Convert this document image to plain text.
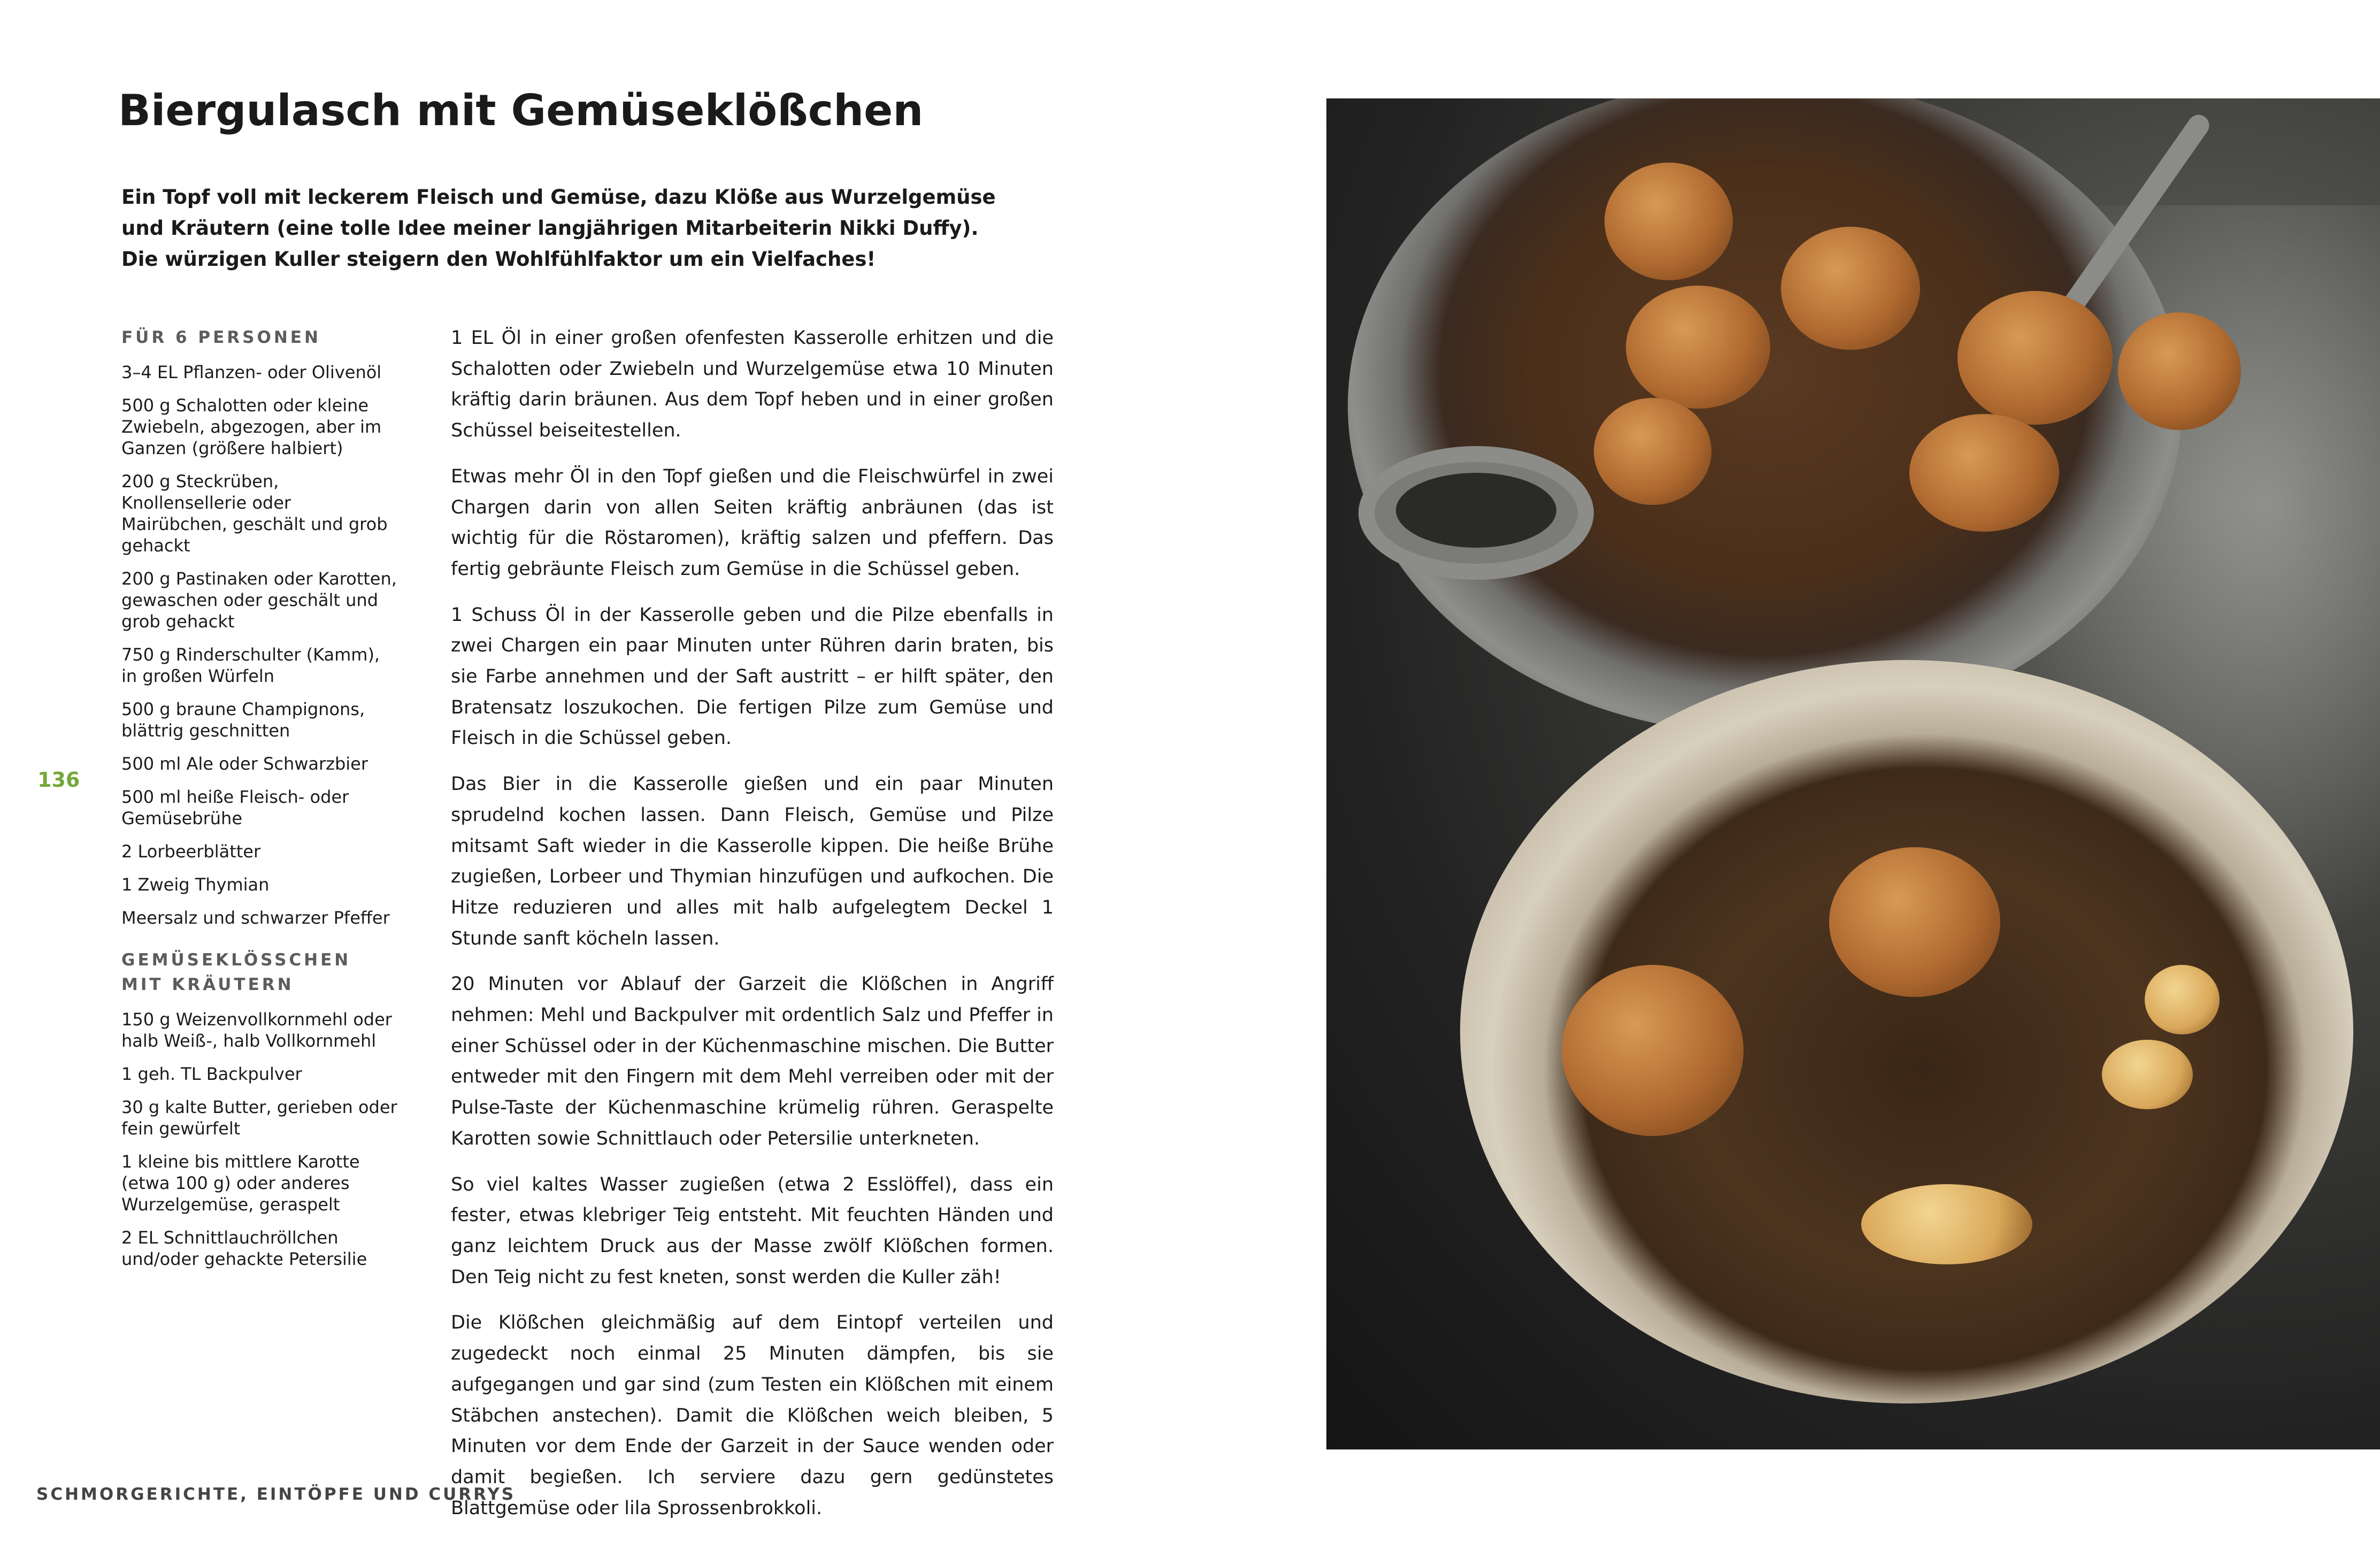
Biergulasch mit Gemüseklößchen
Ein Topf voll mit leckerem Fleisch und Gemüse, dazu Klöße aus Wurzelgemüse
und Kräutern (eine tolle Idee meiner langjährigen Mitarbeiterin Nikki Duffy).
Die würzigen Kuller steigern den Wohlfühlfaktor um ein Vielfaches!
FÜR 6 PERSONEN
3–4 EL Pflanzen- oder Olivenöl
500 g Schalotten oder kleine Zwiebeln, abgezogen, aber im Ganzen (größere halbiert)
200 g Steckrüben, Knollensellerie oder Mairübchen, geschält und grob gehackt
200 g Pastinaken oder Karotten, gewaschen oder geschält und grob gehackt
750 g Rinderschulter (Kamm), in großen Würfeln
500 g braune Champignons, blättrig geschnitten
500 ml Ale oder Schwarzbier
500 ml heiße Fleisch- oder Gemüsebrühe
2 Lorbeerblätter
1 Zweig Thymian
Meersalz und schwarzer Pfeffer
GEMÜSEKLÖSSCHEN MIT KRÄUTERN
150 g Weizenvollkornmehl oder halb Weiß-, halb Vollkornmehl
1 geh. TL Backpulver
30 g kalte Butter, gerieben oder fein gewürfelt
1 kleine bis mittlere Karotte (etwa 100 g) oder anderes Wurzelgemüse, geraspelt
2 EL Schnittlauchröllchen und/oder gehackte Petersilie

1 EL Öl in einer großen ofenfesten Kasserolle erhitzen und die Schalotten oder Zwiebeln und Wurzelgemüse etwa 10 Minuten kräftig darin bräunen. Aus dem Topf heben und in einer großen Schüssel beiseitestellen.

Etwas mehr Öl in den Topf gießen und die Fleischwürfel in zwei Chargen darin von allen Seiten kräftig anbräunen (das ist wichtig für die Röstaromen), kräftig salzen und pfeffern. Das fertig gebräunte Fleisch zum Gemüse in die Schüssel geben.

1 Schuss Öl in der Kasserolle geben und die Pilze ebenfalls in zwei Chargen ein paar Minuten unter Rühren darin braten, bis sie Farbe annehmen und der Saft austritt – er hilft später, den Bratensatz loszukochen. Die fertigen Pilze zum Gemüse und Fleisch in die Schüssel geben.

Das Bier in die Kasserolle gießen und ein paar Minuten sprudelnd kochen lassen. Dann Fleisch, Gemüse und Pilze mitsamt Saft wieder in die Kasserolle kippen. Die heiße Brühe zugießen, Lorbeer und Thymian hinzufügen und aufkochen. Die Hitze reduzieren und alles mit halb aufgelegtem Deckel 1 Stunde sanft köcheln lassen.

20 Minuten vor Ablauf der Garzeit die Klößchen in Angriff nehmen: Mehl und Backpulver mit ordentlich Salz und Pfeffer in einer Schüssel oder in der Küchenmaschine mischen. Die Butter entweder mit den Fingern mit dem Mehl verreiben oder mit der Pulse-Taste der Küchenmaschine krümelig rühren. Geraspelte Karotten sowie Schnittlauch oder Petersilie unterkneten.

So viel kaltes Wasser zugießen (etwa 2 Esslöffel), dass ein fester, etwas klebriger Teig entsteht. Mit feuchten Händen und ganz leichtem Druck aus der Masse zwölf Klößchen formen. Den Teig nicht zu fest kneten, sonst werden die Kuller zäh!

Die Klößchen gleichmäßig auf dem Eintopf verteilen und zugedeckt noch einmal 25 Minuten dämpfen, bis sie aufgegangen und gar sind (zum Testen ein Klößchen mit einem Stäbchen anstechen). Damit die Klößchen weich bleiben, 5 Minuten vor dem Ende der Garzeit in der Sauce wenden oder damit begießen. Ich serviere dazu gern gedünstetes Blattgemüse oder lila Sprossenbrokkoli.

136
SCHMORGERICHTE, EINTÖPFE UND CURRYS
